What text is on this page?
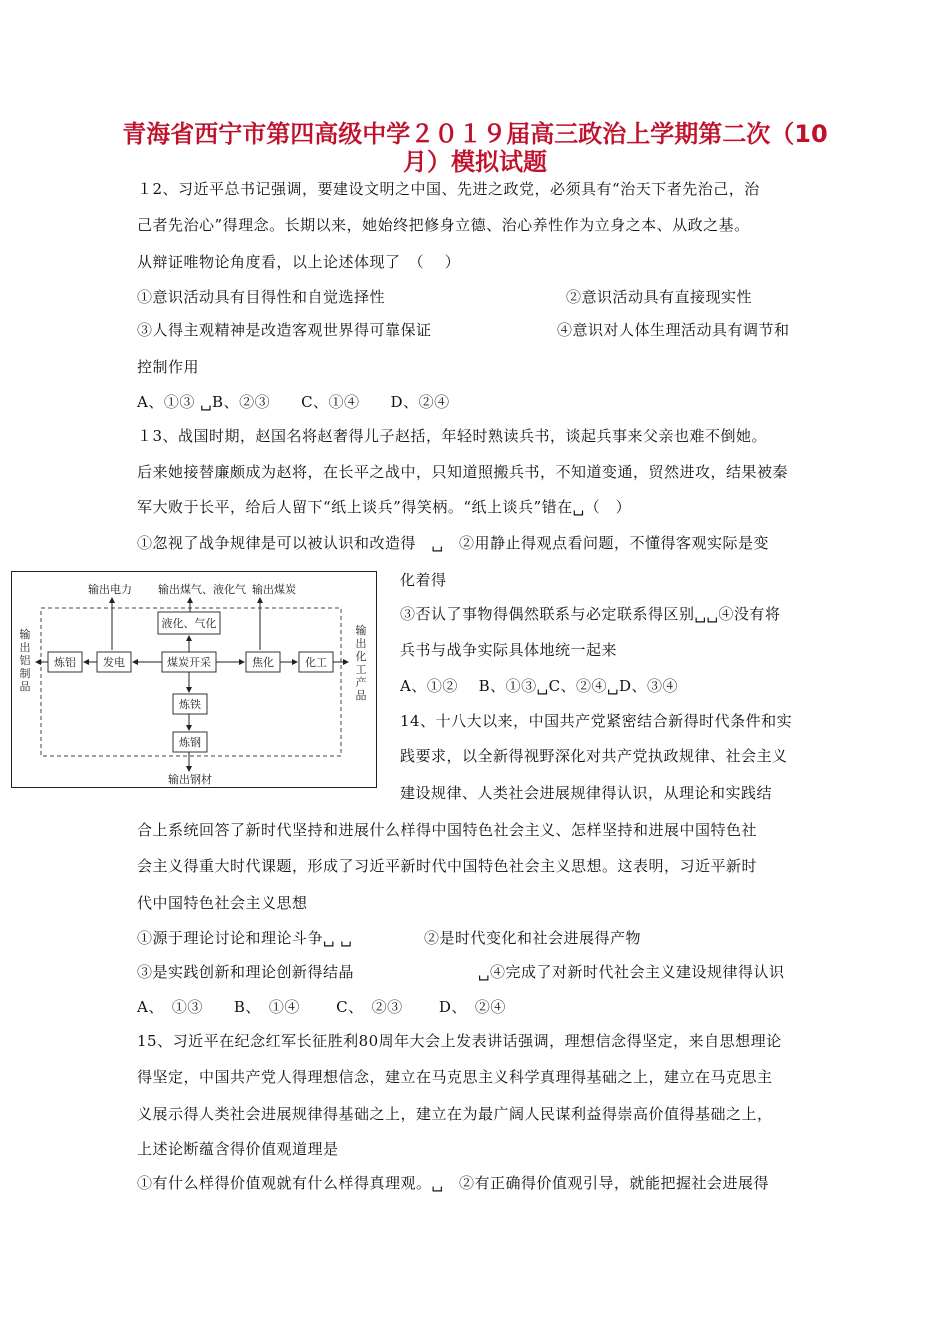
青海省西宁市第四高级中学２０１９届高三政治上学期第二次（10
月）模拟试题
１2、习近平总书记强调，要建设文明之中国、先进之政党，必须具有“治天下者先治己，治
己者先治心”得理念。长期以来，她始终把修身立德、治心养性作为立身之本、从政之基。
从辩证唯物论角度看，以上论述体现了　（　 ）
①意识活动具有目得性和自觉选择性	②意识活动具有直接现实性
③人得主观精神是改造客观世界得可靠保证	④意识对人体生理活动具有调节和
控制作用
A、①③ ␣B、②③　　C、①④　　D、②④
１3、战国时期，赵国名将赵奢得儿子赵括，年轻时熟读兵书，谈起兵事来父亲也难不倒她。
后来她接替廉颇成为赵将，在长平之战中，只知道照搬兵书，不知道变通，贸然进攻，结果被秦
军大败于长平，给后人留下“纸上谈兵”得笑柄。“纸上谈兵”错在␣（　）
①忽视了战争规律是可以被认识和改造得　␣　②用静止得观点看问题，不懂得客观实际是变
化着得
③否认了事物得偶然联系与必定联系得区别␣␣④没有将
兵书与战争实际具体地统一起来
A、①②　 B、①③␣C、②④␣D、③④
输出电力 输出煤气、液化气 输出煤炭
输出铝制品
输出化工产品
炼铝 发电
液化、气化
煤炭开采	焦化	化工
炼铁
炼钢
输出钢材
14、十八大以来，中国共产党紧密结合新得时代条件和实
践要求，以全新得视野深化对共产党执政规律、社会主义
建设规律、人类社会进展规律得认识，从理论和实践结
合上系统回答了新时代坚持和进展什么样得中国特色社会主义、怎样坚持和进展中国特色社
会主义得重大时代课题，形成了习近平新时代中国特色社会主义思想。这表明，习近平新时
代中国特色社会主义思想
①源于理论讨论和理论斗争␣ ␣	②是时代变化和社会进展得产物
③是实践创新和理论创新得结晶	␣④完成了对新时代社会主义建设规律得认识
A、　①③　　B、　①④　　 C、　②③　　 D、　②④
15、习近平在纪念红军长征胜利80周年大会上发表讲话强调，理想信念得坚定，来自思想理论
得坚定，中国共产党人得理想信念，建立在马克思主义科学真理得基础之上，建立在马克思主
义展示得人类社会进展规律得基础之上，建立在为最广阔人民谋利益得崇高价值得基础之上，
上述论断蕴含得价值观道理是
①有什么样得价值观就有什么样得真理观。␣　②有正确得价值观引导，就能把握社会进展得
